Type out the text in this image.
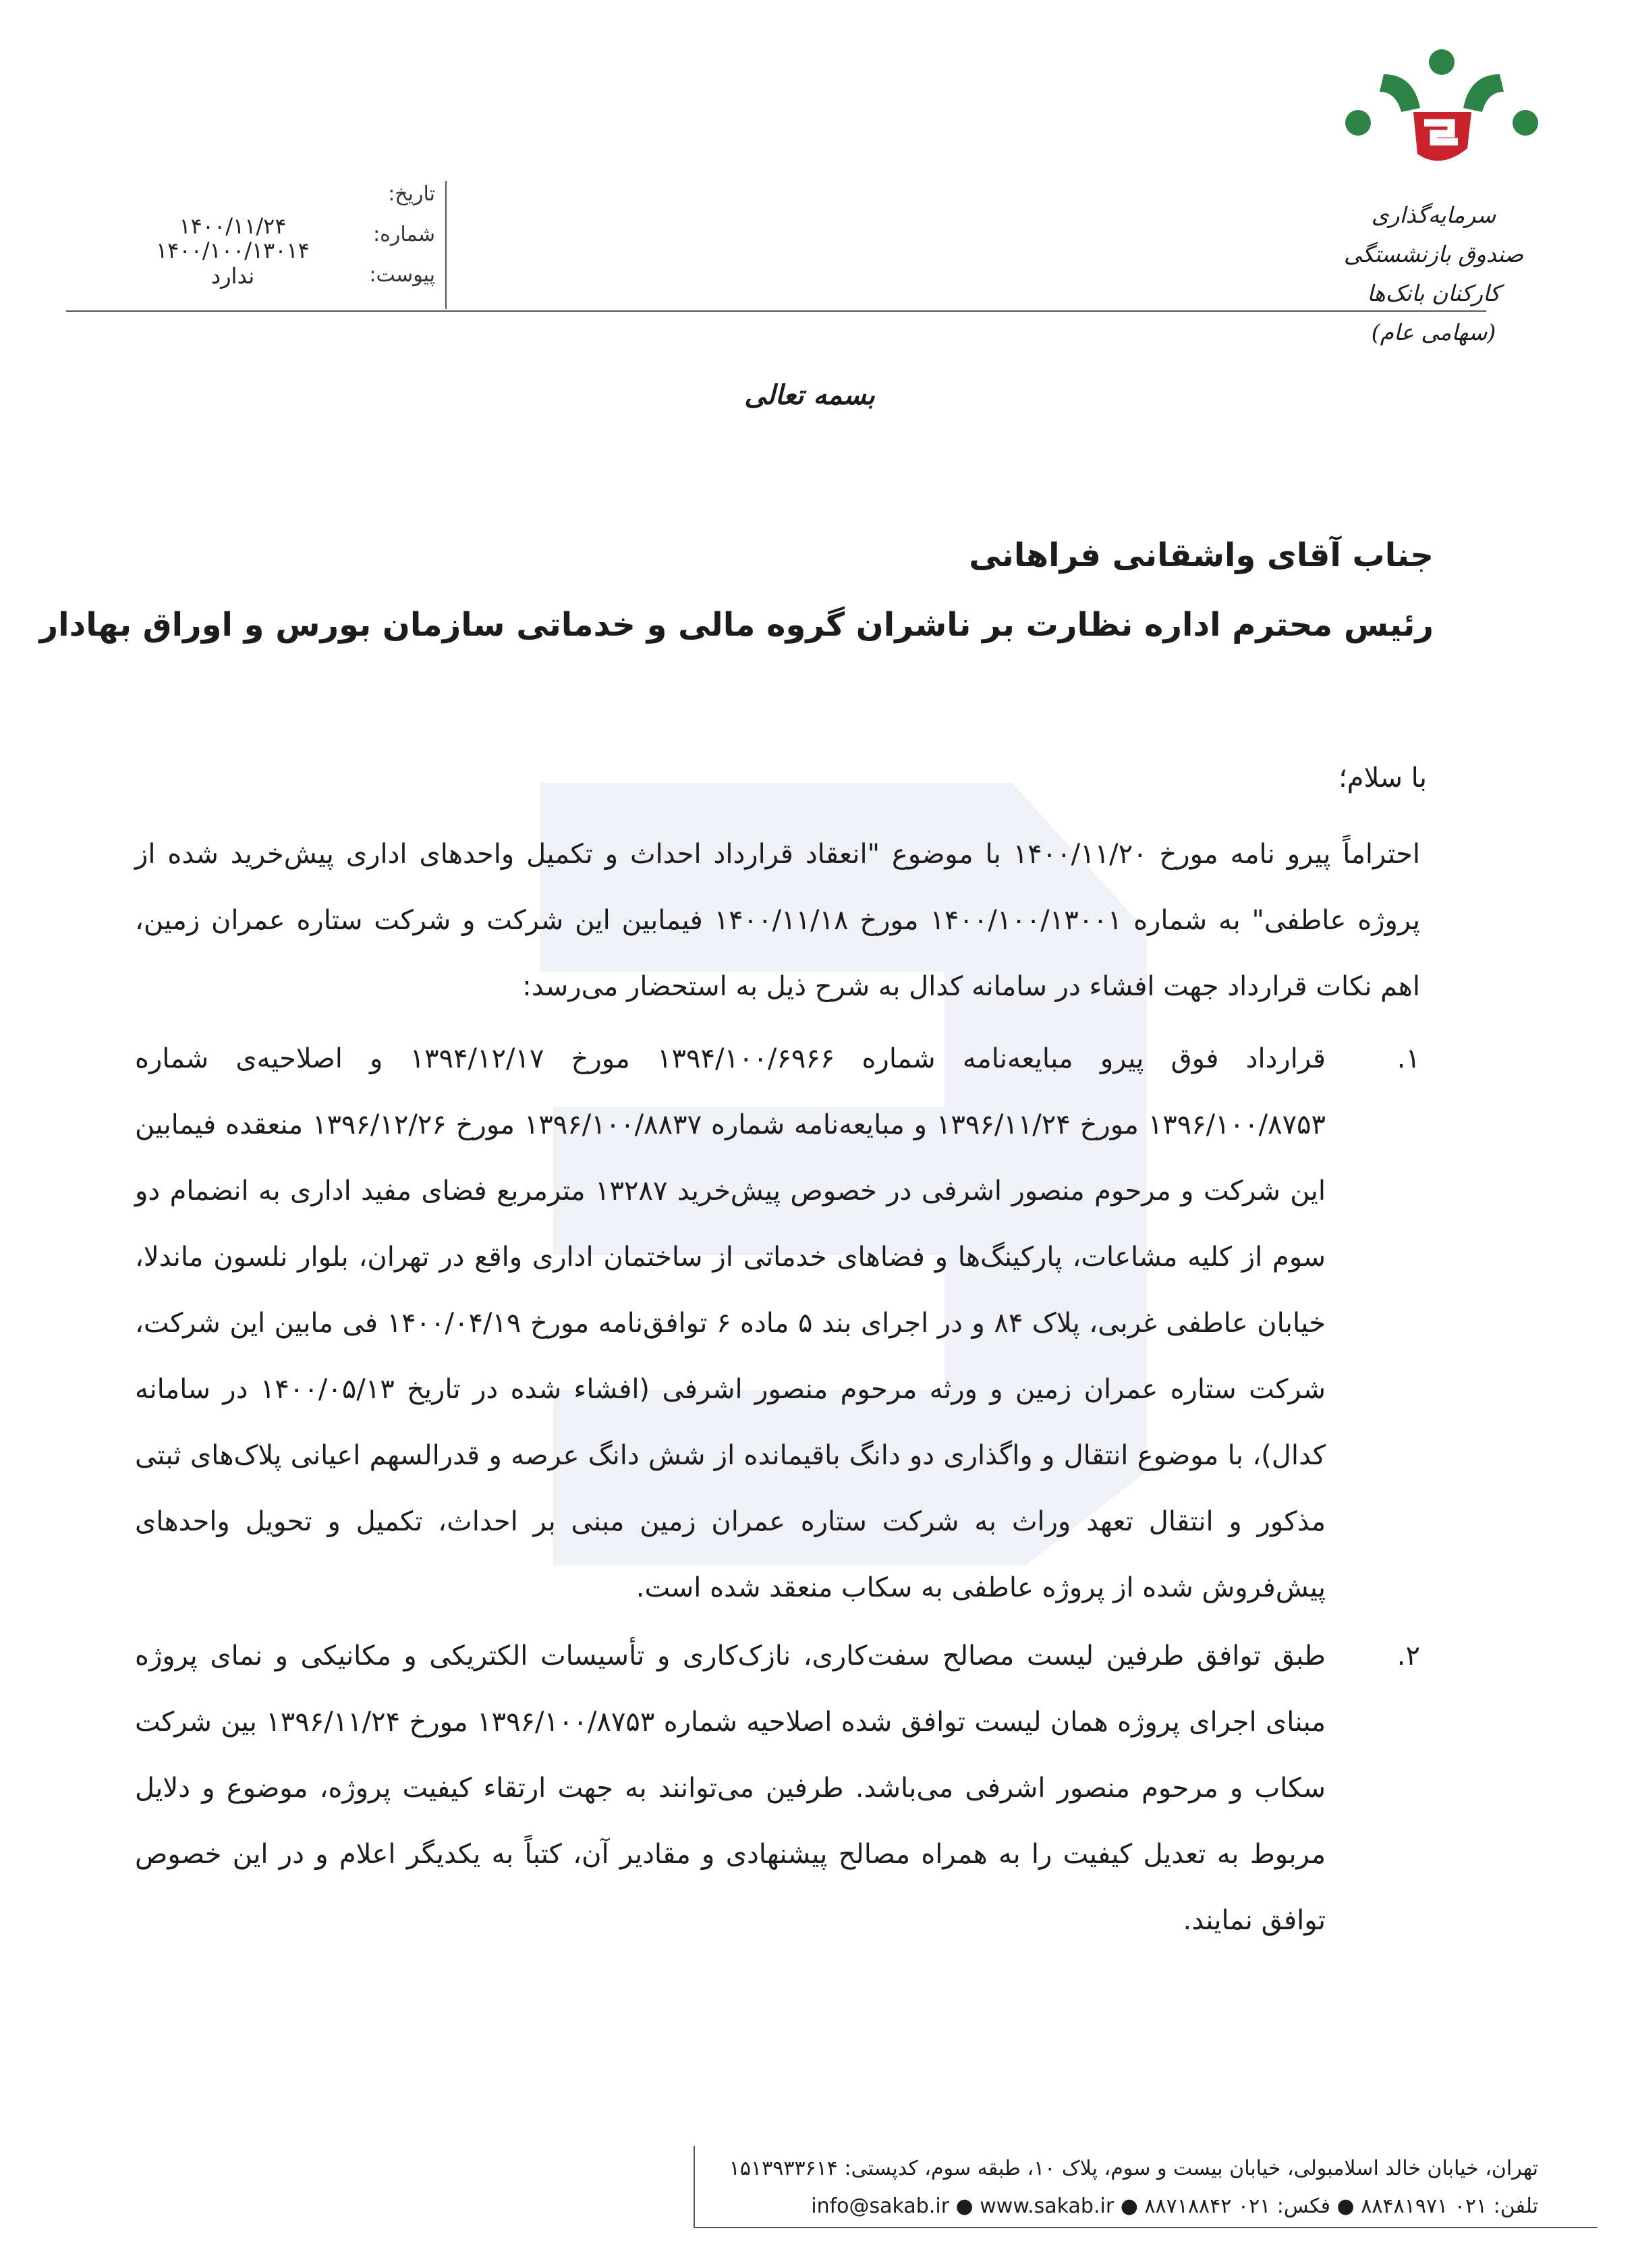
سرمایه‌گذاری صندوق بازنشستگی
کارکنان بانک‌ها (سهامی عام)
تاریخ:
۱۴۰۰/۱۱/۲۴	شماره:
۱۴۰۰/۱۰۰/۱۳۰۱۴
پیوست:
ندارد
بسمه تعالی
جناب آقای واشقانی فراهانی
رئیس محترم اداره نظارت بر ناشران گروه مالی و خدماتی سازمان بورس و اوراق بهادار
با سلام؛

احتراماً پیرو نامه مورخ ۱۴۰۰/۱۱/۲۰ با موضوع "انعقاد قرارداد احداث و تکمیل واحدهای اداری پیش‌خرید شده از پروژه عاطفی" به شماره ۱۴۰۰/۱۰۰/۱۳۰۰۱ مورخ ۱۴۰۰/۱۱/۱۸ فیمابین این شرکت و شرکت ستاره عمران زمین، اهم نکات قرارداد جهت افشاء در سامانه کدال به شرح ذیل به استحضار می‌رسد:

۱.

قرارداد فوق پیرو مبایعه‌نامه شماره ۱۳۹۴/۱۰۰/۶۹۶۶ مورخ ۱۳۹۴/۱۲/۱۷ و اصلاحیه‌ی شماره ۱۳۹۶/۱۰۰/۸۷۵۳ مورخ ۱۳۹۶/۱۱/۲۴ و مبایعه‌نامه شماره ۱۳۹۶/۱۰۰/۸۸۳۷ مورخ ۱۳۹۶/۱۲/۲۶ منعقده فیمابین این شرکت و مرحوم منصور اشرفی در خصوص پیش‌خرید ۱۳۲۸۷ مترمربع فضای مفید اداری به انضمام دو سوم از کلیه مشاعات، پارکینگ‌ها و فضاهای خدماتی از ساختمان اداری واقع در تهران، بلوار نلسون ماندلا، خیابان عاطفی غربی، پلاک ۸۴ و در اجرای بند ۵ ماده ۶ توافق‌نامه مورخ ۱۴۰۰/۰۴/۱۹ فی مابین این شرکت، شرکت ستاره عمران زمین و ورثه مرحوم منصور اشرفی (افشاء شده در تاریخ ۱۴۰۰/۰۵/۱۳ در سامانه کدال)، با موضوع انتقال و واگذاری دو دانگ باقیمانده از شش دانگ عرصه و قدرالسهم اعیانی پلاک‌های ثبتی مذکور و انتقال تعهد وراث به شرکت ستاره عمران زمین مبنی بر احداث، تکمیل و تحویل واحدهای پیش‌فروش شده از پروژه عاطفی به سکاب منعقد شده است.

۲.

طبق توافق طرفین لیست مصالح سفت‌کاری، نازک‌کاری و تأسیسات الکتریکی و مکانیکی و نمای پروژه مبنای اجرای پروژه همان لیست توافق شده اصلاحیه شماره ۱۳۹۶/۱۰۰/۸۷۵۳ مورخ ۱۳۹۶/۱۱/۲۴ بین شرکت سکاب و مرحوم منصور اشرفی می‌باشد. طرفین می‌توانند به جهت ارتقاء کیفیت پروژه، موضوع و دلایل مربوط به تعدیل کیفیت را به همراه مصالح پیشنهادی و مقادیر آن، کتباً به یکدیگر اعلام و در این خصوص توافق نمایند.

تهران، خیابان خالد اسلامبولی، خیابان بیست و سوم، پلاک ۱۰، طبقه سوم، کدپستی: ۱۵۱۳۹۳۳۶۱۴
تلفن: ۰۲۱ ۸۸۴۸۱۹۷۱ ● فکس: ۰۲۱ ۸۸۷۱۸۸۴۲ ● info@sakab.ir ● www.sakab.ir
